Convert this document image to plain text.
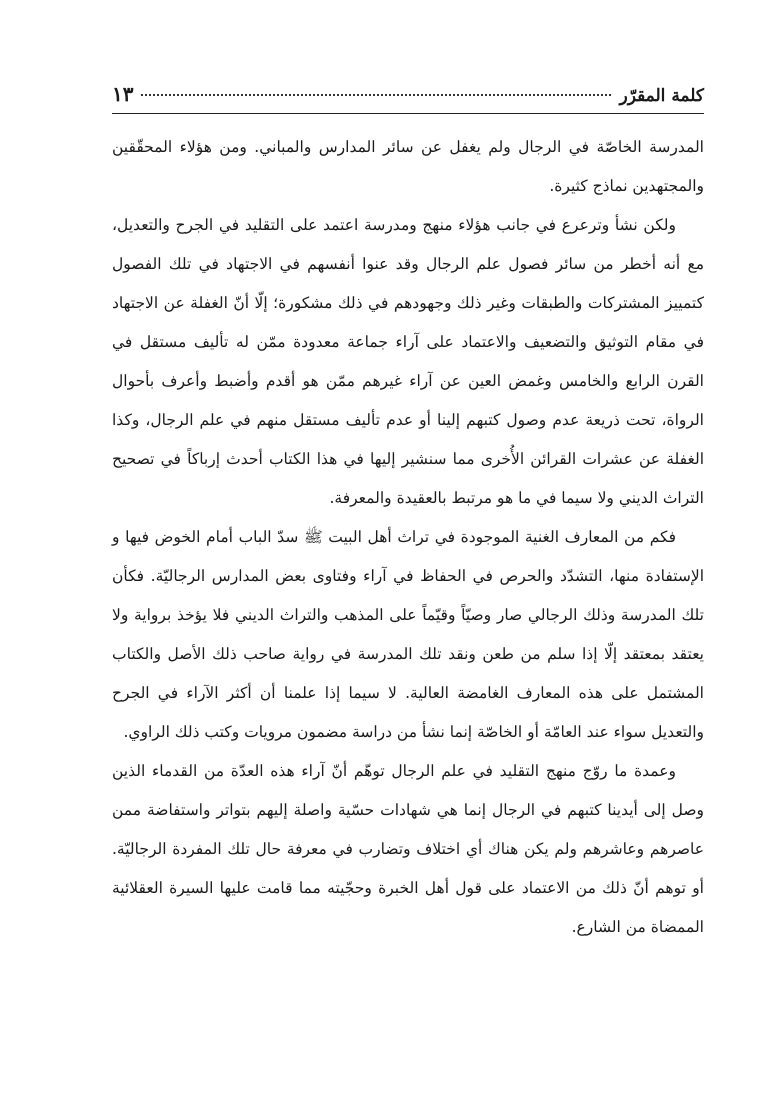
كلمة المقرّر
١٣

المدرسة الخاصّة في الرجال ولم يغفل عن سائر المدارس والمباني. ومن هؤلاء المحقّقين والمجتهدين نماذج كثيرة.

ولكن نشأ وترعرع في جانب هؤلاء منهج ومدرسة اعتمد على التقليد في الجرح والتعديل، مع أنه أخطر من سائر فصول علم الرجال وقد عنوا أنفسهم في الاجتهاد في تلك الفصول كتمييز المشتركات والطبقات وغير ذلك وجهودهم في ذلك مشكورة؛ إلّا أنّ الغفلة عن الاجتهاد في مقام التوثيق والتضعيف والاعتماد على آراء جماعة معدودة ممّن له تأليف مستقل في القرن الرابع والخامس وغمض العين عن آراء غيرهم ممّن هو أقدم وأضبط وأعرف بأحوال الرواة، تحت ذريعة عدم وصول كتبهم إلينا أو عدم تأليف مستقل منهم في علم الرجال، وكذا الغفلة عن عشرات القرائن الأُخرى مما سنشير إليها في هذا الكتاب أحدث إرباكاً في تصحيح التراث الديني ولا سيما في ما هو مرتبط بالعقيدة والمعرفة.

فكم من المعارف الغنية الموجودة في تراث أهل البيت ﷺ سدّ الباب أمام الخوض فيها و الإستفادة منها، التشدّد والحرص في الحفاظ في آراء وفتاوى بعض المدارس الرجاليّة. فكأن تلك المدرسة وذلك الرجالي صار وصيّاً وقيّماً على المذهب والتراث الديني فلا يؤخذ برواية ولا يعتقد بمعتقد إلّا إذا سلم من طعن ونقد تلك المدرسة في رواية صاحب ذلك الأصل والكتاب المشتمل على هذه المعارف الغامضة العالية. لا سيما إذا علمنا أن أكثر الآراء في الجرح والتعديل سواء عند العامّة أو الخاصّة إنما نشأ من دراسة مضمون مرويات وكتب ذلك الراوي.

وعمدة ما روّج منهج التقليد في علم الرجال توهّم أنّ آراء هذه العدّة من القدماء الذين وصل إلى أيدينا كتبهم في الرجال إنما هي شهادات حسّية واصلة إليهم بتواتر واستفاضة ممن عاصرهم وعاشرهم ولم يكن هناك أي اختلاف وتضارب في معرفة حال تلك المفردة الرجاليّة. أو توهم أنّ ذلك من الاعتماد على قول أهل الخبرة وحجّيته مما قامت عليها السيرة العقلائية الممضاة من الشارع.
